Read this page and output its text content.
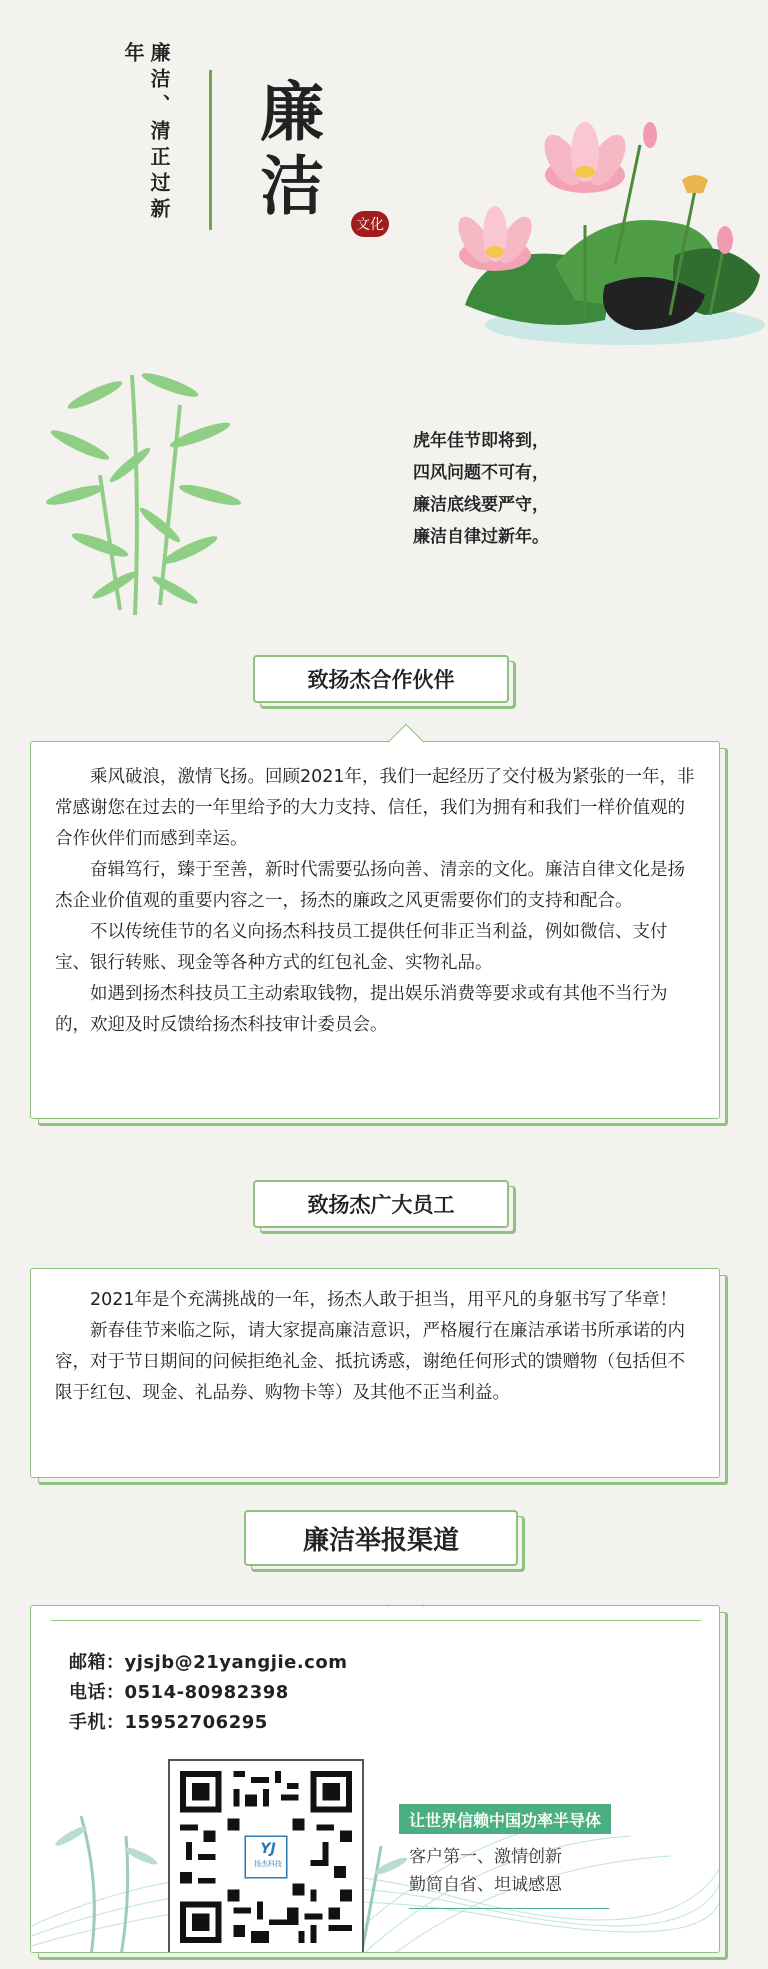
廉洁、清正过新年
廉洁	文化
虎年佳节即将到，
四风问题不可有，
廉洁底线要严守，
廉洁自律过新年。
致扬杰合作伙伴

乘风破浪，激情飞扬。回顾2021年，我们一起经历了交付极为紧张的一年，非常感谢您在过去的一年里给予的大力支持、信任，我们为拥有和我们一样价值观的合作伙伴们而感到幸运。

奋辑笃行，臻于至善，新时代需要弘扬向善、清亲的文化。廉洁自律文化是扬杰企业价值观的重要内容之一，扬杰的廉政之风更需要你们的支持和配合。

不以传统佳节的名义向扬杰科技员工提供任何非正当利益，例如微信、支付宝、银行转账、现金等各种方式的红包礼金、实物礼品。

如遇到扬杰科技员工主动索取钱物，提出娱乐消费等要求或有其他不当行为的，欢迎及时反馈给扬杰科技审计委员会。

致扬杰广大员工

2021年是个充满挑战的一年，扬杰人敢于担当，用平凡的身躯书写了华章！

新春佳节来临之际，请大家提高廉洁意识，严格履行在廉洁承诺书所承诺的内容，对于节日期间的问候拒绝礼金、抵抗诱惑，谢绝任何形式的馈赠物（包括但不限于红包、现金、礼品券、购物卡等）及其他不正当利益。

廉洁举报渠道
邮箱：yjsjb@21yangjie.com
电话：0514-80982398
手机：15952706295
YJ
扬杰科技
让世界信赖中国功率半导体
客户第一、激情创新
勤简自省、坦诚感恩
